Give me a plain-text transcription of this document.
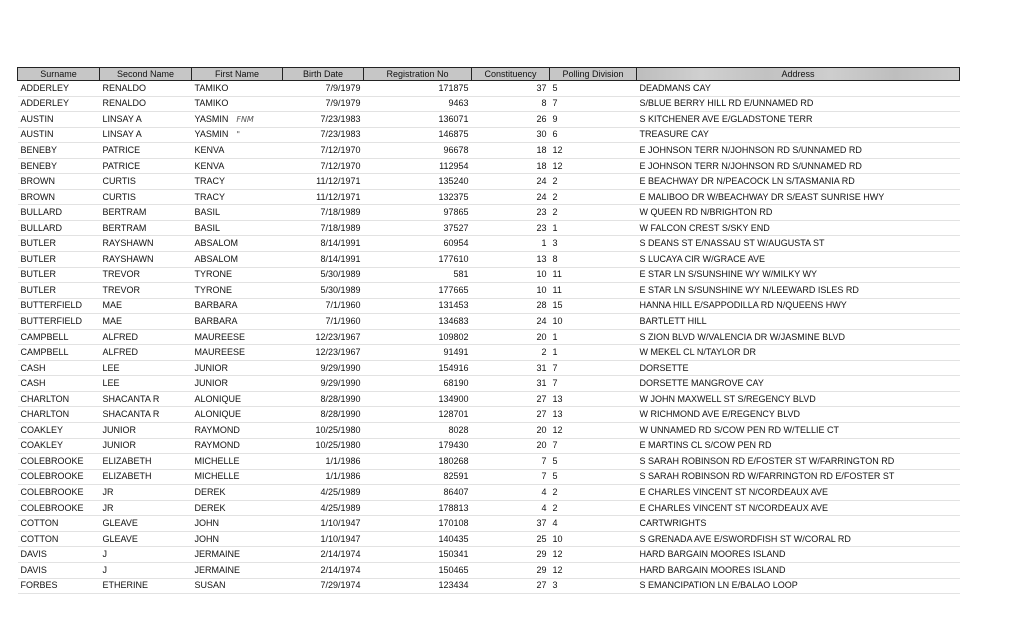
Surname	Second Name	First Name	Birth Date	Registration No	Constituency	Polling Division	Address
ADDERLEY	RENALDO	TAMIKO	7/9/1979	171875	37	5	DEADMANS CAY
ADDERLEY	RENALDO	TAMIKO	7/9/1979	9463	8	7	S/BLUE BERRY HILL RD E/UNNAMED RD
AUSTIN	LINSAY A	YASMIN FNM	7/23/1983	136071	26	9	S KITCHENER AVE E/GLADSTONE TERR
AUSTIN	LINSAY A	YASMIN "	7/23/1983	146875	30	6	TREASURE CAY
BENEBY	PATRICE	KENVA	7/12/1970	96678	18	12	E JOHNSON TERR N/JOHNSON RD S/UNNAMED RD
BENEBY	PATRICE	KENVA	7/12/1970	112954	18	12	E JOHNSON TERR N/JOHNSON RD S/UNNAMED RD
BROWN	CURTIS	TRACY	11/12/1971	135240	24	2	E BEACHWAY DR N/PEACOCK LN S/TASMANIA RD
BROWN	CURTIS	TRACY	11/12/1971	132375	24	2	E MALIBOO DR W/BEACHWAY DR S/EAST SUNRISE HWY
BULLARD	BERTRAM	BASIL	7/18/1989	97865	23	2	W QUEEN RD N/BRIGHTON RD
BULLARD	BERTRAM	BASIL	7/18/1989	37527	23	1	W FALCON CREST S/SKY END
BUTLER	RAYSHAWN	ABSALOM	8/14/1991	60954	1	3	S DEANS ST E/NASSAU ST W/AUGUSTA ST
BUTLER	RAYSHAWN	ABSALOM	8/14/1991	177610	13	8	S LUCAYA CIR W/GRACE AVE
BUTLER	TREVOR	TYRONE	5/30/1989	581	10	11	E STAR LN S/SUNSHINE WY W/MILKY WY
BUTLER	TREVOR	TYRONE	5/30/1989	177665	10	11	E STAR LN S/SUNSHINE WY N/LEEWARD ISLES RD
BUTTERFIELD	MAE	BARBARA	7/1/1960	131453	28	15	HANNA HILL E/SAPPODILLA RD N/QUEENS HWY
BUTTERFIELD	MAE	BARBARA	7/1/1960	134683	24	10	BARTLETT HILL
CAMPBELL	ALFRED	MAUREESE	12/23/1967	109802	20	1	S ZION BLVD W/VALENCIA DR W/JASMINE BLVD
CAMPBELL	ALFRED	MAUREESE	12/23/1967	91491	2	1	W MEKEL CL N/TAYLOR DR
CASH	LEE	JUNIOR	9/29/1990	154916	31	7	DORSETTE
CASH	LEE	JUNIOR	9/29/1990	68190	31	7	DORSETTE MANGROVE CAY
CHARLTON	SHACANTA R	ALONIQUE	8/28/1990	134900	27	13	W JOHN MAXWELL ST S/REGENCY BLVD
CHARLTON	SHACANTA R	ALONIQUE	8/28/1990	128701	27	13	W RICHMOND AVE E/REGENCY BLVD
COAKLEY	JUNIOR	RAYMOND	10/25/1980	8028	20	12	W UNNAMED RD S/COW PEN RD W/TELLIE CT
COAKLEY	JUNIOR	RAYMOND	10/25/1980	179430	20	7	E MARTINS CL S/COW PEN RD
COLEBROOKE	ELIZABETH	MICHELLE	1/1/1986	180268	7	5	S SARAH ROBINSON RD E/FOSTER ST W/FARRINGTON RD
COLEBROOKE	ELIZABETH	MICHELLE	1/1/1986	82591	7	5	S SARAH ROBINSON RD W/FARRINGTON RD E/FOSTER ST
COLEBROOKE	JR	DEREK	4/25/1989	86407	4	2	E CHARLES VINCENT ST N/CORDEAUX AVE
COLEBROOKE	JR	DEREK	4/25/1989	178813	4	2	E CHARLES VINCENT ST N/CORDEAUX AVE
COTTON	GLEAVE	JOHN	1/10/1947	170108	37	4	CARTWRIGHTS
COTTON	GLEAVE	JOHN	1/10/1947	140435	25	10	S GRENADA AVE E/SWORDFISH ST W/CORAL RD
DAVIS	J	JERMAINE	2/14/1974	150341	29	12	HARD BARGAIN MOORES ISLAND
DAVIS	J	JERMAINE	2/14/1974	150465	29	12	HARD BARGAIN MOORES ISLAND
FORBES	ETHERINE	SUSAN	7/29/1974	123434	27	3	S EMANCIPATION LN E/BALAO LOOP
